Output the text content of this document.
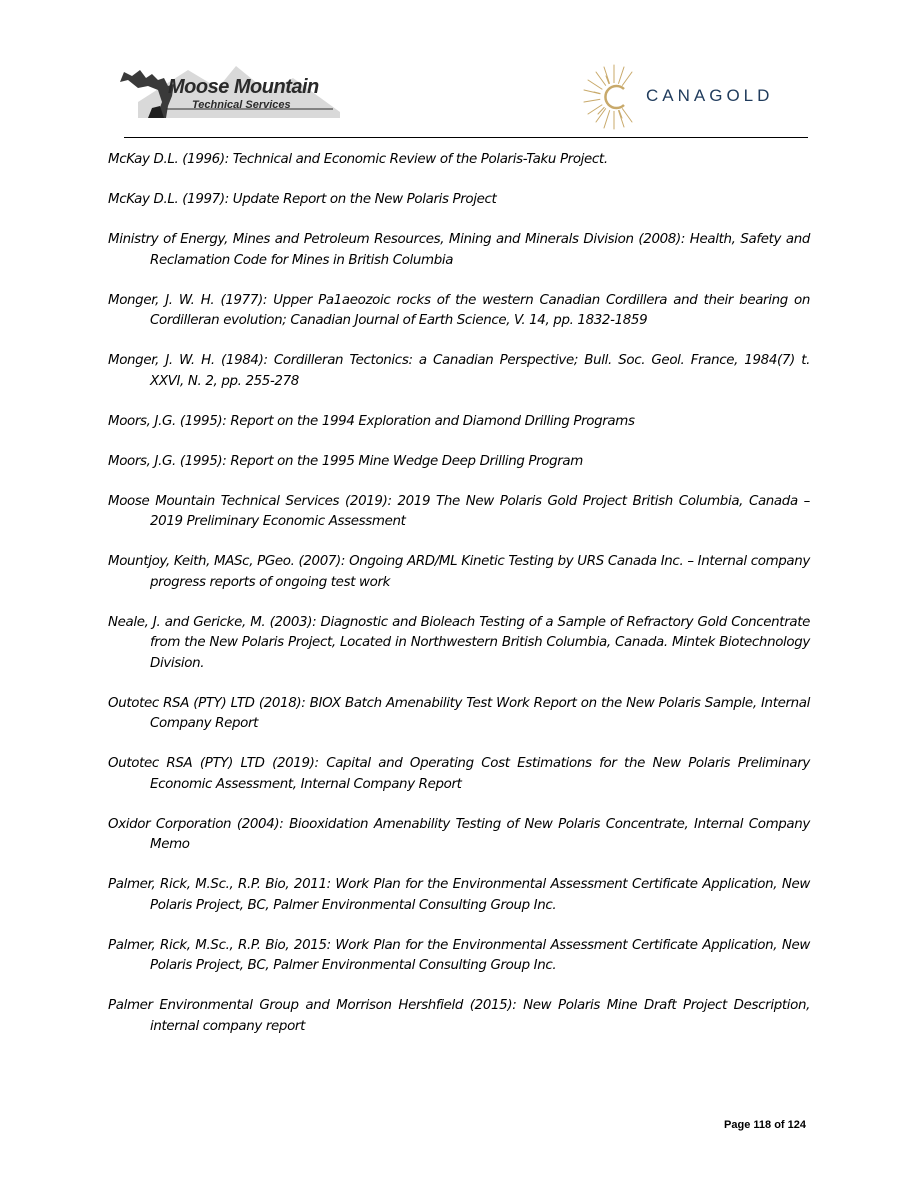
Moose Mountain
Technical Services	CANAGOLD

McKay D.L. (1996): Technical and Economic Review of the Polaris-Taku Project.

McKay D.L. (1997): Update Report on the New Polaris Project

Ministry of Energy, Mines and Petroleum Resources, Mining and Minerals Division (2008): Health, Safety and Reclamation Code for Mines in British Columbia

Monger, J. W. H. (1977): Upper Pa1aeozoic rocks of the western Canadian Cordillera and their bearing on Cordilleran evolution; Canadian Journal of Earth Science, V. 14, pp. 1832-1859

Monger, J. W. H. (1984): Cordilleran Tectonics: a Canadian Perspective; Bull. Soc. Geol. France, 1984(7) t. XXVI, N. 2, pp. 255-278

Moors, J.G. (1995): Report on the 1994 Exploration and Diamond Drilling Programs

Moors, J.G. (1995): Report on the 1995 Mine Wedge Deep Drilling Program

Moose Mountain Technical Services (2019): 2019 The New Polaris Gold Project British Columbia, Canada – 2019 Preliminary Economic Assessment

Mountjoy, Keith, MASc, PGeo. (2007): Ongoing ARD/ML Kinetic Testing by URS Canada Inc. – Internal company progress reports of ongoing test work

Neale, J. and Gericke, M. (2003): Diagnostic and Bioleach Testing of a Sample of Refractory Gold Concentrate from the New Polaris Project, Located in Northwestern British Columbia, Canada. Mintek Biotechnology Division.

Outotec RSA (PTY) LTD (2018): BIOX Batch Amenability Test Work Report on the New Polaris Sample, Internal Company Report

Outotec RSA (PTY) LTD (2019): Capital and Operating Cost Estimations for the New Polaris Preliminary Economic Assessment, Internal Company Report

Oxidor Corporation (2004): Biooxidation Amenability Testing of New Polaris Concentrate, Internal Company Memo

Palmer, Rick, M.Sc., R.P. Bio, 2011: Work Plan for the Environmental Assessment Certificate Application, New Polaris Project, BC, Palmer Environmental Consulting Group Inc.

Palmer, Rick, M.Sc., R.P. Bio, 2015: Work Plan for the Environmental Assessment Certificate Application, New Polaris Project, BC, Palmer Environmental Consulting Group Inc.

Palmer Environmental Group and Morrison Hershfield (2015): New Polaris Mine Draft Project Description, internal company report

Page 118 of 124
